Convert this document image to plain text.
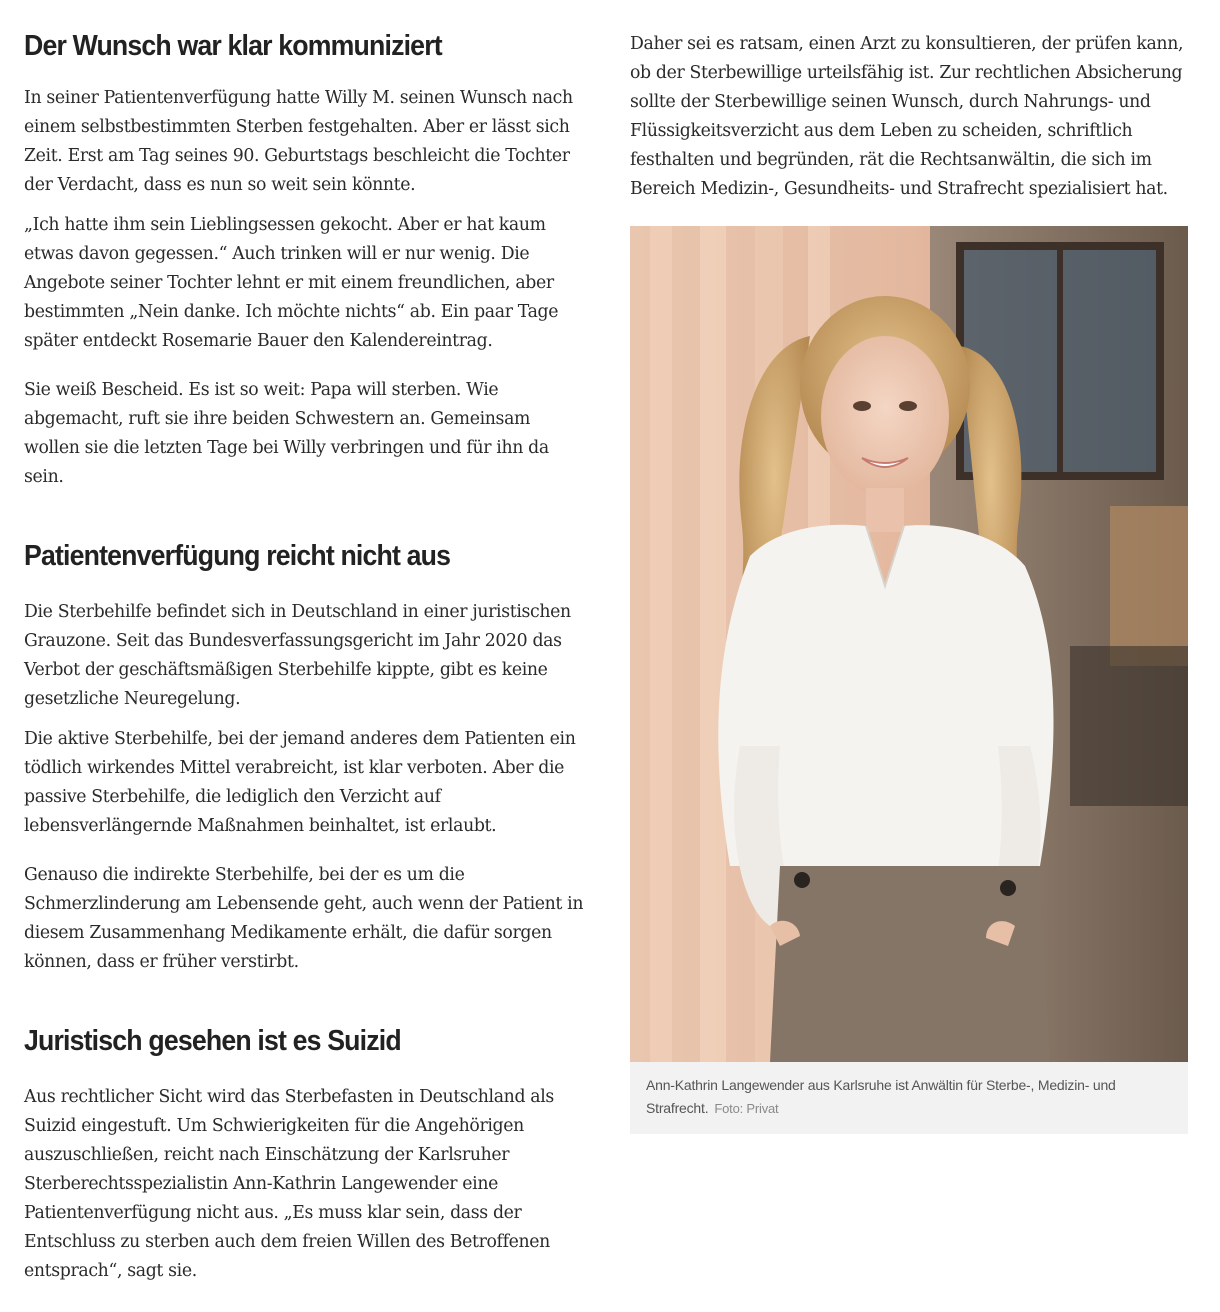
Der Wunsch war klar kommuniziert

In seiner Patientenverfügung hatte Willy M. seinen Wunsch nach einem selbstbestimmten Sterben festgehalten. Aber er lässt sich Zeit. Erst am Tag seines 90. Geburtstags beschleicht die Tochter der Verdacht, dass es nun so weit sein könnte.

„Ich hatte ihm sein Lieblingsessen gekocht. Aber er hat kaum etwas davon gegessen.“ Auch trinken will er nur wenig. Die Angebote seiner Tochter lehnt er mit einem freundlichen, aber bestimmten „Nein danke. Ich möchte nichts“ ab. Ein paar Tage später entdeckt Rosemarie Bauer den Kalendereintrag.

Sie weiß Bescheid. Es ist so weit: Papa will sterben. Wie abgemacht, ruft sie ihre beiden Schwestern an. Gemeinsam wollen sie die letzten Tage bei Willy verbringen und für ihn da sein.

Patientenverfügung reicht nicht aus

Die Sterbehilfe befindet sich in Deutschland in einer juristischen Grauzone. Seit das Bundesverfassungsgericht im Jahr 2020 das Verbot der geschäftsmäßigen Sterbehilfe kippte, gibt es keine gesetzliche Neuregelung.

Die aktive Sterbehilfe, bei der jemand anderes dem Patienten ein tödlich wirkendes Mittel verabreicht, ist klar verboten. Aber die passive Sterbehilfe, die lediglich den Verzicht auf lebensverlängernde Maßnahmen beinhaltet, ist erlaubt.

Genauso die indirekte Sterbehilfe, bei der es um die Schmerzlinderung am Lebensende geht, auch wenn der Patient in diesem Zusammenhang Medikamente erhält, die dafür sorgen können, dass er früher verstirbt.

Juristisch gesehen ist es Suizid

Aus rechtlicher Sicht wird das Sterbefasten in Deutschland als Suizid eingestuft. Um Schwierigkeiten für die Angehörigen auszuschließen, reicht nach Einschätzung der Karlsruher Sterberechtsspezialistin Ann-Kathrin Langewender eine Patientenverfügung nicht aus. „Es muss klar sein, dass der Entschluss zu sterben auch dem freien Willen des Betroffenen entsprach“, sagt sie.

Daher sei es ratsam, einen Arzt zu konsultieren, der prüfen kann, ob der Sterbewillige urteilsfähig ist. Zur rechtlichen Absicherung sollte der Sterbewillige seinen Wunsch, durch Nahrungs- und Flüssigkeitsverzicht aus dem Leben zu scheiden, schriftlich festhalten und begründen, rät die Rechtsanwältin, die sich im Bereich Medizin-, Gesundheits- und Strafrecht spezialisiert hat.

Ann-Kathrin Langewender aus Karlsruhe ist Anwältin für Sterbe-, Medizin- und Strafrecht. Foto: Privat
